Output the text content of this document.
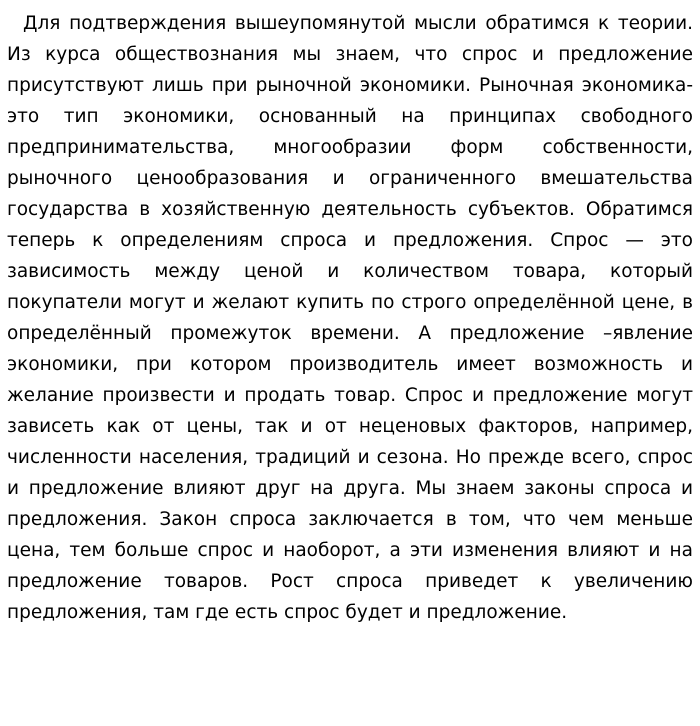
Для подтверждения вышеупомянутой мысли обратимся к теории. Из курса обществознания мы знаем, что спрос и предложение присутствуют лишь при рыночной экономики. Рыночная экономика- это тип экономики, основанный на принципах свободного предпринимательства, многообразии форм собственности, рыночного ценообразования и ограниченного вмешательства государства в хозяйственную деятельность субъектов. Обратимся теперь к определениям спроса и предложения. Спрос — это зависимость между ценой и количеством товара, который покупатели могут и желают купить по строго определённой цене, в определённый промежуток времени. А предложение –явление экономики, при котором производитель имеет возможность и желание произвести и продать товар. Спрос и предложение могут зависеть как от цены, так и от неценовых факторов, например, численности населения, традиций и сезона. Но прежде всего, спрос и предложение влияют друг на друга. Мы знаем законы спроса и предложения. Закон спроса заключается в том, что чем меньше цена, тем больше спрос и наоборот, а эти изменения влияют и на предложение товаров. Рост спроса приведет к увеличению предложения, там где есть спрос будет и предложение.
